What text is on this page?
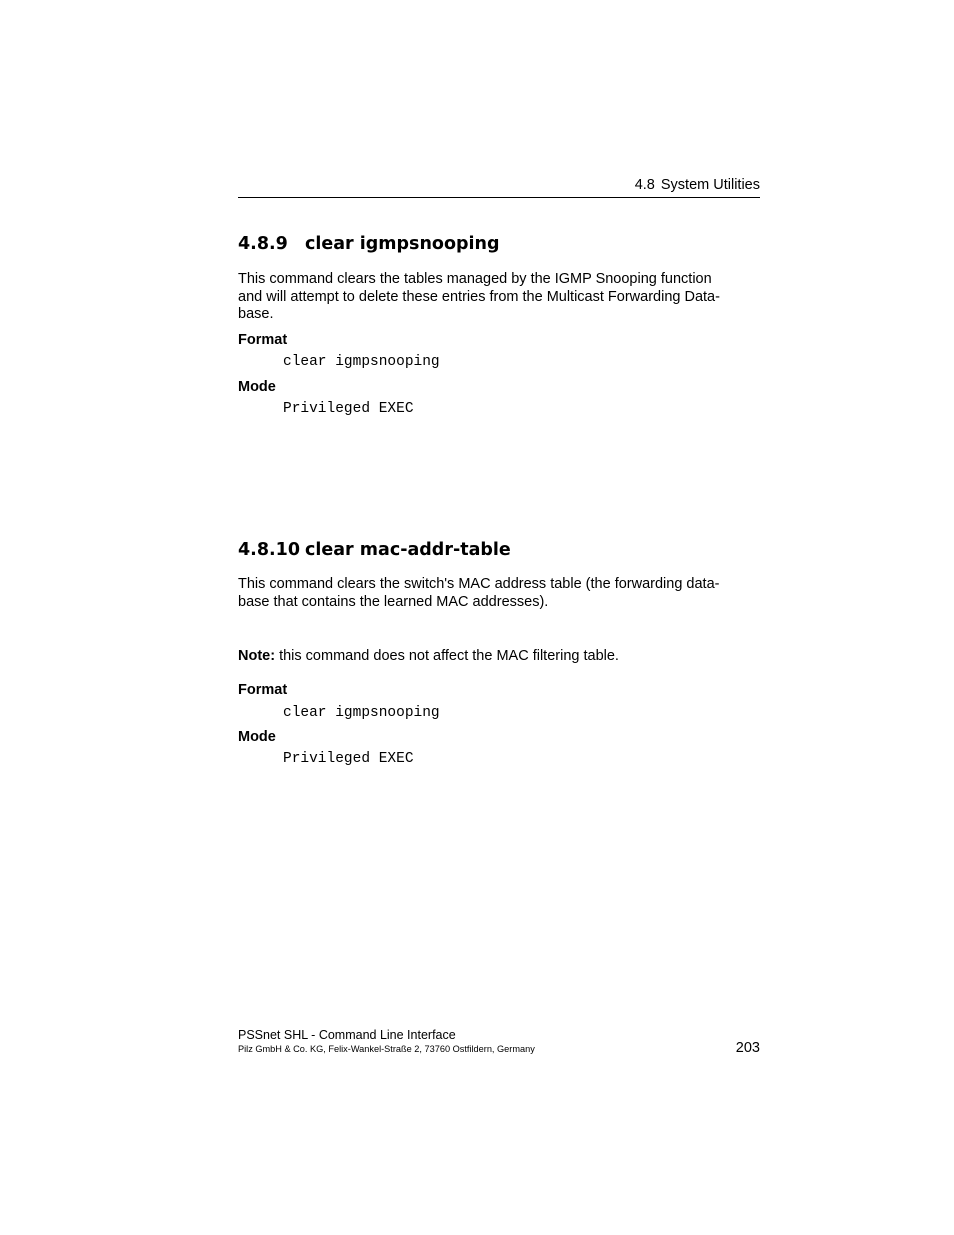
4.8 System Utilities
4.8.9 clear igmpsnooping
This command clears the tables managed by the IGMP Snooping function
and will attempt to delete these entries from the Multicast Forwarding Data-
base.
Format
clear igmpsnooping
Mode
Privileged EXEC
4.8.10 clear mac-addr-table
This command clears the switch's MAC address table (the forwarding data-
base that contains the learned MAC addresses).
Note: this command does not affect the MAC filtering table.
Format
clear igmpsnooping
Mode
Privileged EXEC
PSSnet SHL - Command Line Interface
Pilz GmbH & Co. KG, Felix-Wankel-Straße 2, 73760 Ostfildern, Germany	203
